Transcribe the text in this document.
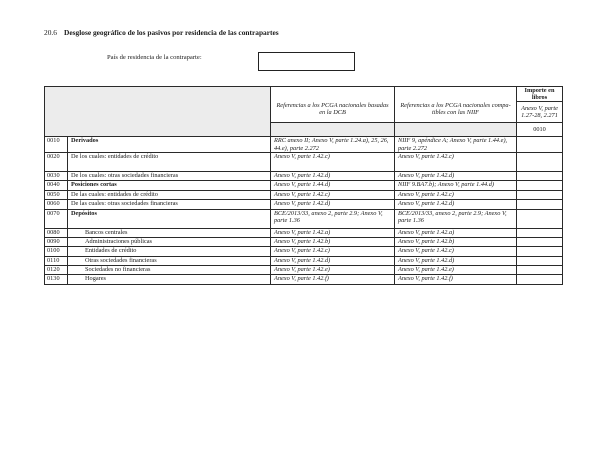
20.6 Desglose geográfico de los pasivos por residencia de las contrapartes
País de residencia de la contraparte:
		Referencias a los PCGA nacionales basadas en la DCB	Referencias a los PCGA nacionales compatibles con las NIIF	Importe en libros
				Anexo V, parte 1.27-28, 2.271
				0010
0010	Derivados	RRC anexo II; Anexo V, parte 1.24.a), 25, 26, 44.e), parte 2.272	NIIF 9, apéndice A; Anexo V, parte 1.44.e), parte 2.272	
0020	De los cuales: entidades de crédito	Anexo V, parte 1.42.c)	Anexo V, parte 1.42.c)	
0030	De los cuales: otras sociedades financieras	Anexo V, parte 1.42.d)	Anexo V, parte 1.42.d)	
0040	Posiciones cortas	Anexo V, parte 1.44.d)	NIIF 9.BA7.b); Anexo V, parte 1.44.d)	
0050	De las cuales: entidades de crédito	Anexo V, parte 1.42.c)	Anexo V, parte 1.42.c)	
0060	De las cuales: otras sociedades financieras	Anexo V, parte 1.42.d)	Anexo V, parte 1.42.d)	
0070	Depósitos	BCE/2013/33, anexo 2, parte 2.9; Anexo V, parte 1.36	BCE/2013/33, anexo 2, parte 2.9; Anexo V, parte 1.36	
0080	Bancos centrales	Anexo V, parte 1.42.a)	Anexo V, parte 1.42.a)	
0090	Administraciones públicas	Anexo V, parte 1.42.b)	Anexo V, parte 1.42.b)	
0100	Entidades de crédito	Anexo V, parte 1.42.c)	Anexo V, parte 1.42.c)	
0110	Otras sociedades financieras	Anexo V, parte 1.42.d)	Anexo V, parte 1.42.d)	
0120	Sociedades no financieras	Anexo V, parte 1.42.e)	Anexo V, parte 1.42.e)	
0130	Hogares	Anexo V, parte 1.42.f)	Anexo V, parte 1.42.f)	
